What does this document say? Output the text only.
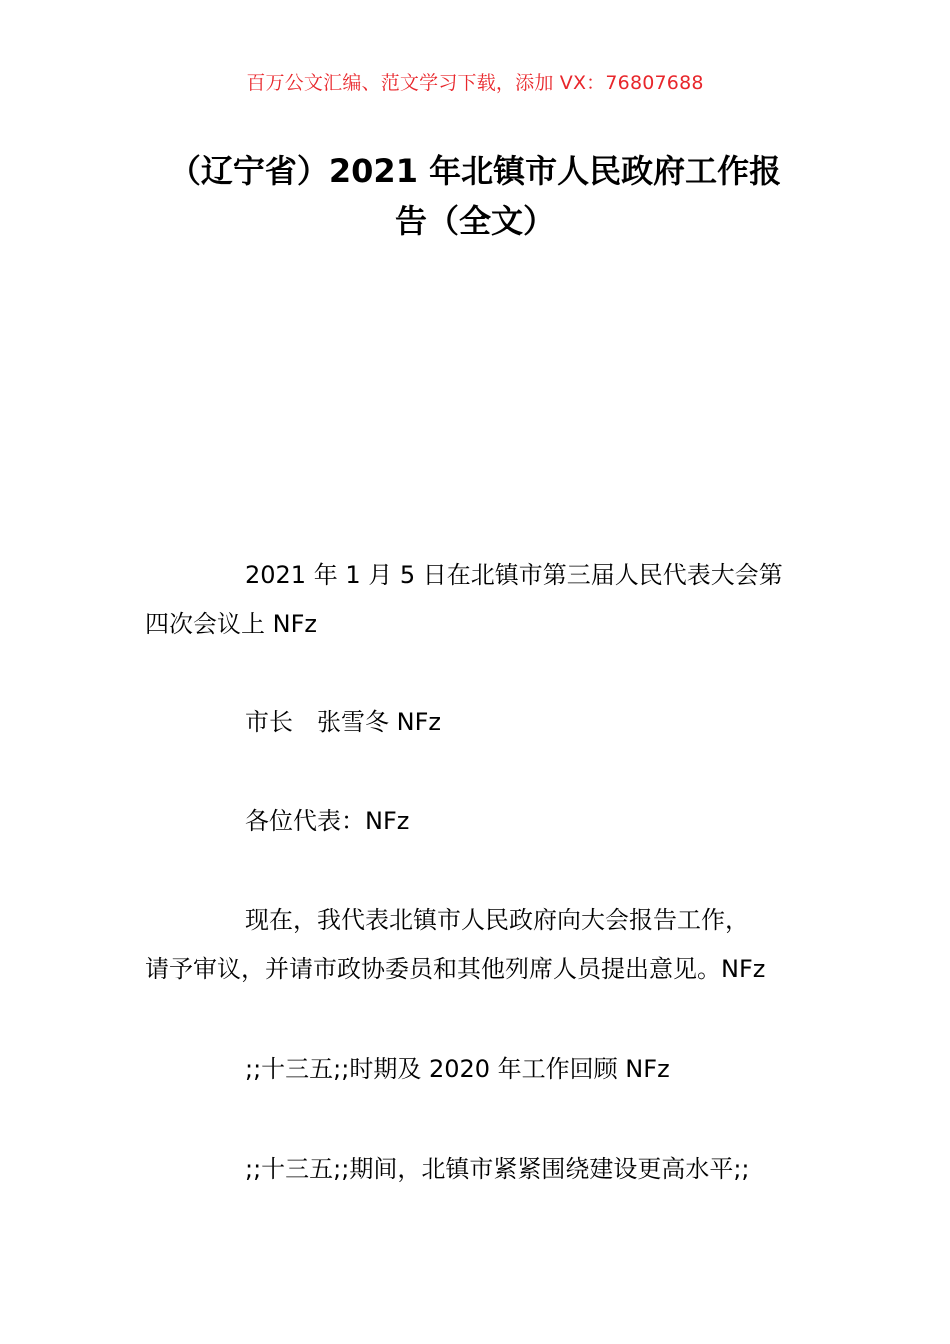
百万公文汇编、范文学习下载，添加 VX：76807688
（辽宁省）2021 年北镇市人民政府工作报
告（全文）
2021 年 1 月 5 日在北镇市第三届人民代表大会第
四次会议上 NFz
市长　张雪冬 NFz
各位代表：NFz
现在，我代表北镇市人民政府向大会报告工作，
请予审议，并请市政协委员和其他列席人员提出意见。NFz
;;十三五;;时期及 2020 年工作回顾 NFz
;;十三五;;期间，北镇市紧紧围绕建设更高水平;;
